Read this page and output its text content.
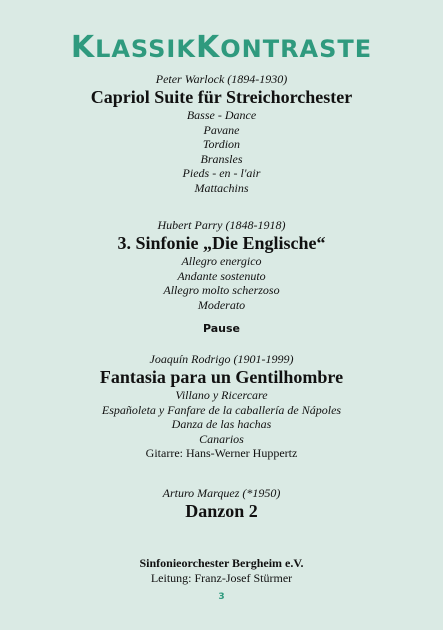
KLASSIKKONTRASTE
Peter Warlock (1894-1930)
Capriol Suite für Streichorchester
Basse - Dance
Pavane
Tordion
Bransles
Pieds - en - l'air
Mattachins
Hubert Parry (1848-1918)
3. Sinfonie „Die Englische“
Allegro energico
Andante sostenuto
Allegro molto scherzoso
Moderato
Pause
Joaquín Rodrigo (1901-1999)
Fantasia para un Gentilhombre
Villano y Ricercare
Españoleta y Fanfare de la caballería de Nápoles
Danza de las hachas
Canarios
Gitarre: Hans-Werner Huppertz
Arturo Marquez (*1950)
Danzon 2
Sinfonieorchester Bergheim e.V.
Leitung: Franz-Josef Stürmer
3
